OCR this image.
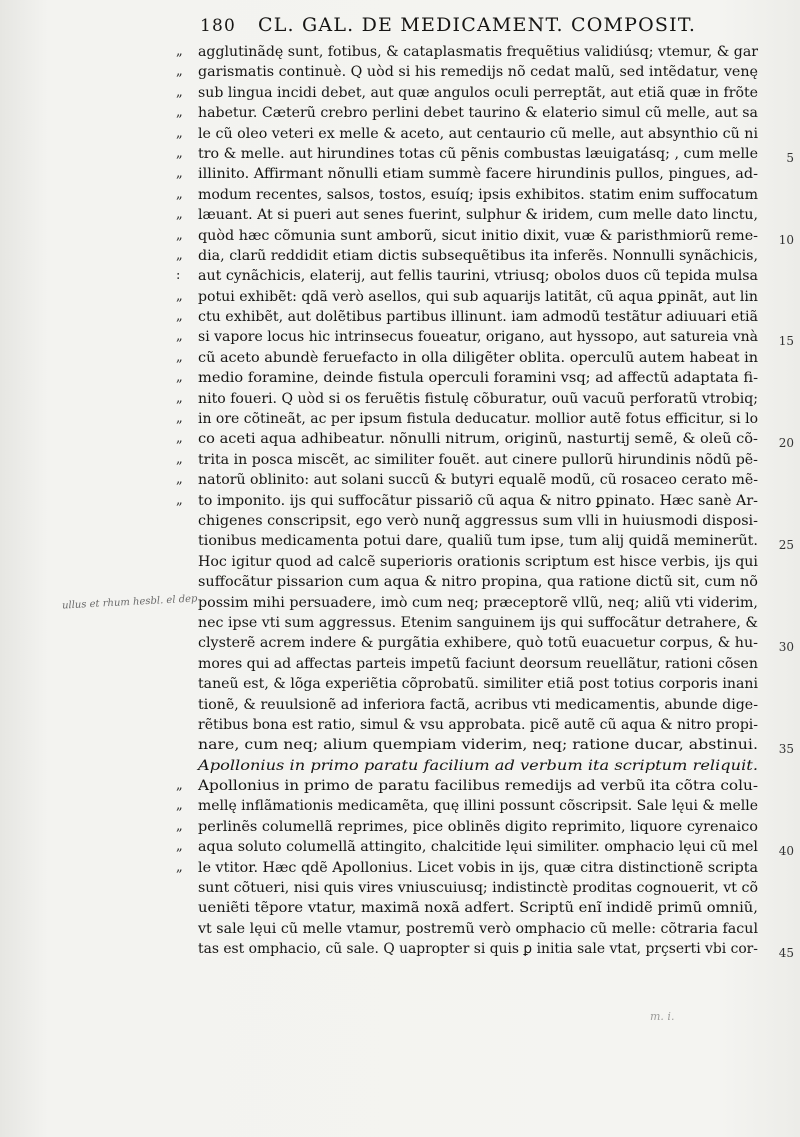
180 CL. GAL. DE MEDICAMENT. COMPOSIT.
ullus et rhum hesbl. el dep
„ agglutinãdę sunt, fotibus, & cataplasmatis frequẽtius validiúsq; vtemur, & gar
„ garismatis continuè. Q uòd si his remedijs nõ cedat malũ, sed intẽdatur, venę
„ sub lingua incidi debet, aut quæ angulos oculi perreptãt, aut etiã quæ in frõte
„ habetur. Cæterũ crebro perlini debet taurino & elaterio simul cũ melle, aut sa
„ le cũ oleo veteri ex melle & aceto, aut centaurio cũ melle, aut absynthio cũ ni
„ tro & melle. aut hirundines totas cũ pẽnis combustas læuigatásq; , cum melle 5
„ illinito. Affirmant nõnulli etiam summè facere hirundinis pullos, pingues, ad-
„ modum recentes, salsos, tostos, esuíq; ipsis exhibitos. statim enim suffocatum
„ læuant. At si pueri aut senes fuerint, sulphur & iridem, cum melle dato linctu,
„ quòd hæc cõmunia sunt amborũ, sicut initio dixit, vuæ & paristhmiorũ reme- 10
„ dia, clarũ reddidit etiam dictis subsequẽtibus ita inferẽs. Nonnulli synãchicis,
: aut cynãchicis, elaterij, aut fellis taurini, vtriusq; obolos duos cũ tepida mulsa
„ potui exhibẽt: qdã verò asellos, qui sub aquarijs latitãt, cũ aqua ꝑpinãt, aut lin
„ ctu exhibẽt, aut dolẽtibus partibus illinunt. iam admodũ testãtur adiuuari etiã
„ si vapore locus hic intrinsecus foueatur, origano, aut hyssopo, aut satureia vnà 15
„ cũ aceto abundè feruefacto in olla diligẽter oblita. operculũ autem habeat in
„ medio foramine, deinde fistula operculi foramini vsq; ad affectũ adaptata fi-
„ nito foueri. Q uòd si os feruẽtis fistulę cõburatur, ouũ vacuũ perforatũ vtrobiq;
„ in ore cõtineãt, ac per ipsum fistula deducatur. mollior autẽ fotus efficitur, si lo
„ co aceti aqua adhibeatur. nõnulli nitrum, originũ, nasturtij semẽ, & oleũ cõ- 20
„ trita in posca miscẽt, ac similiter fouẽt. aut cinere pullorũ hirundinis nõdũ pẽ-
„ natorũ oblinito: aut solani succũ & butyri equalẽ modũ, cũ rosaceo cerato mẽ-
„ to imponito. ijs qui suffocãtur pissariõ cũ aqua & nitro ꝑpinato. Hæc sanè Ar-
chigenes conscripsit, ego verò nunq̃ aggressus sum vlli in huiusmodi disposi-
tionibus medicamenta potui dare, qualiũ tum ipse, tum alij quidã meminerũt. 25
Hoc igitur quod ad calcẽ superioris orationis scriptum est hisce verbis, ijs qui
suffocãtur pissarion cum aqua & nitro propina, qua ratione dictũ sit, cum nõ
possim mihi persuadere, imò cum neq; præceptorẽ vllũ, neq; aliũ vti viderim,
nec ipse vti sum aggressus. Etenim sanguinem ijs qui suffocãtur detrahere, &
clysterẽ acrem indere & purgãtia exhibere, quò totũ euacuetur corpus, & hu- 30
mores qui ad affectas parteis impetũ faciunt deorsum reuellãtur, rationi cõsen
taneũ est, & lõga experiẽtia cõprobatũ. similiter etiã post totius corporis inani
tionẽ, & reuulsionẽ ad inferiora factã, acribus vti medicamentis, abunde dige-
rẽtibus bona est ratio, simul & vsu approbata. picẽ autẽ cũ aqua & nitro propi-
nare, cum neq; alium quempiam viderim, neq; ratione ducar, abstinui. 35
Apollonius in primo paratu facilium ad verbum ita scriptum reliquit.
„ Apollonius in primo de paratu facilibus remedijs ad verbũ ita cõtra colu-
„ mellę inflãmationis medicamẽta, quę illini possunt cõscripsit. Sale lęui & melle
„ perlinẽs columellã reprimes, pice oblinẽs digito reprimito, liquore cyrenaico
„ aqua soluto columellã attingito, chalcitide lęui similiter. omphacio lęui cũ mel 40
„ le vtitor. Hæc qdẽ Apollonius. Licet vobis in ijs, quæ citra distinctionẽ scripta
sunt cõtueri, nisi quis vires vniuscuiusq; indistinctè proditas cognouerit, vt cõ
ueniẽti tẽpore vtatur, maximã noxã adfert. Scriptũ enĩ indidẽ primũ omniũ,
vt sale lęui cũ melle vtamur, postremũ verò omphacio cũ melle: cõtraria facul
tas est omphacio, cũ sale. Q uapropter si quis ꝑ initia sale vtat, prçserti vbi cor- 45
m. i.
